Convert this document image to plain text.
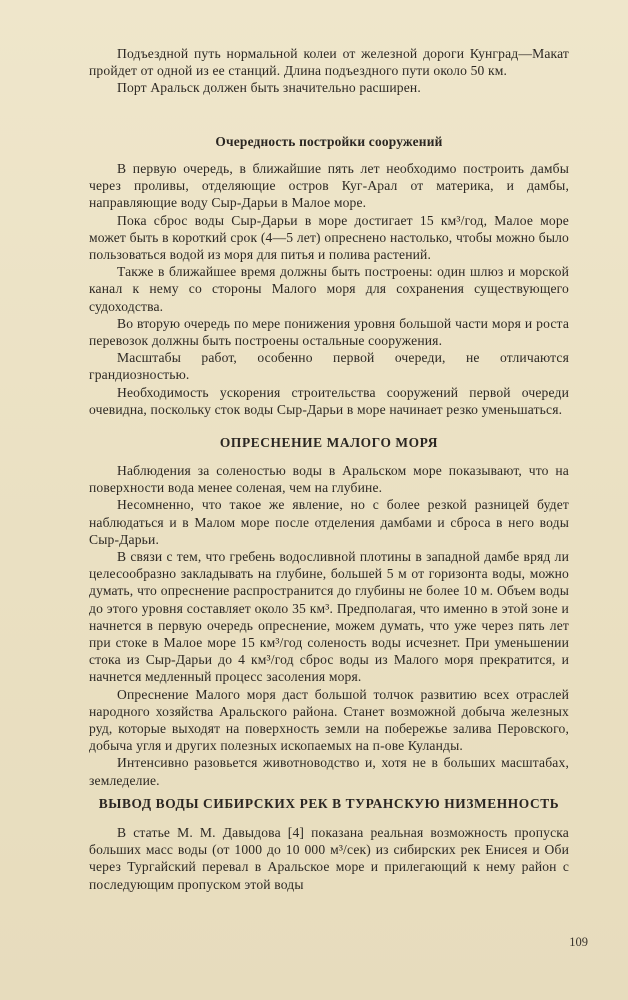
Подъездной путь нормальной колеи от железной дороги Кунград—Макат пройдет от одной из ее станций. Длина подъездного пути около 50 км.

Порт Аральск должен быть значительно расширен.

Очередность постройки сооружений

В первую очередь, в ближайшие пять лет необходимо построить дамбы через проливы, отделяющие остров Куг-Арал от материка, и дамбы, направляющие воду Сыр-Дарьи в Малое море.

Пока сброс воды Сыр-Дарьи в море достигает 15 км³/год, Малое море может быть в короткий срок (4—5 лет) опреснено настолько, чтобы можно было пользоваться водой из моря для питья и полива растений.

Также в ближайшее время должны быть построены: один шлюз и морской канал к нему со стороны Малого моря для сохранения существующего судоходства.

Во вторую очередь по мере понижения уровня большой части моря и роста перевозок должны быть построены остальные сооружения.

Масштабы работ, особенно первой очереди, не отличаются грандиозностью.

Необходимость ускорения строительства сооружений первой очереди очевидна, поскольку сток воды Сыр-Дарьи в море начинает резко уменьшаться.

ОПРЕСНЕНИЕ МАЛОГО МОРЯ

Наблюдения за соленостью воды в Аральском море показывают, что на поверхности вода менее соленая, чем на глубине.

Несомненно, что такое же явление, но с более резкой разницей будет наблюдаться и в Малом море после отделения дамбами и сброса в него воды Сыр-Дарьи.

В связи с тем, что гребень водосливной плотины в западной дамбе вряд ли целесообразно закладывать на глубине, большей 5 м от горизонта воды, можно думать, что опреснение распространится до глубины не более 10 м. Объем воды до этого уровня составляет около 35 км³. Предполагая, что именно в этой зоне и начнется в первую очередь опреснение, можем думать, что уже через пять лет при стоке в Малое море 15 км³/год соленость воды исчезнет. При уменьшении стока из Сыр-Дарьи до 4 км³/год сброс воды из Малого моря прекратится, и начнется медленный процесс засоления моря.

Опреснение Малого моря даст большой толчок развитию всех отраслей народного хозяйства Аральского района. Станет возможной добыча железных руд, которые выходят на поверхность земли на побережье залива Перовского, добыча угля и других полезных ископаемых на п-ове Куланды.

Интенсивно разовьется животноводство и, хотя не в больших масштабах, земледелие.

ВЫВОД ВОДЫ СИБИРСКИХ РЕК В ТУРАНСКУЮ НИЗМЕННОСТЬ

В статье М. М. Давыдова [4] показана реальная возможность пропуска больших масс воды (от 1000 до 10 000 м³/сек) из сибирских рек Енисея и Оби через Тургайский перевал в Аральское море и прилегающий к нему район с последующим пропуском этой воды

109
